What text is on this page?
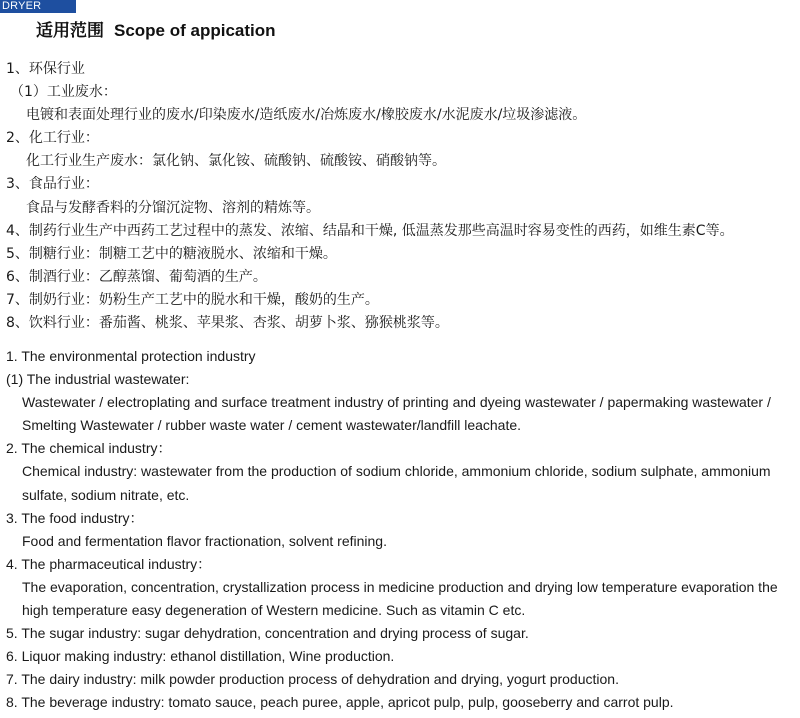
DRYER
适用范围 Scope of appication
1、环保行业
（1）工业废水：
电镀和表面处理行业的废水/印染废水/造纸废水/冶炼废水/橡胶废水/水泥废水/垃圾渗滤液。
2、化工行业：
化工行业生产废水：氯化钠、氯化铵、硫酸钠、硫酸铵、硝酸钠等。
3、食品行业：
食品与发酵香料的分馏沉淀物、溶剂的精炼等。
4、制药行业生产中西药工艺过程中的蒸发、浓缩、结晶和干燥, 低温蒸发那些高温时容易变性的西药，如维生素C等。
5、制糖行业：制糖工艺中的糖液脱水、浓缩和干燥。
6、制酒行业：乙醇蒸馏、葡萄酒的生产。
7、制奶行业：奶粉生产工艺中的脱水和干燥，酸奶的生产。
8、饮料行业：番茄酱、桃浆、苹果浆、杏浆、胡萝卜浆、猕猴桃浆等。
1. The environmental protection industry
(1) The industrial wastewater:
Wastewater / electroplating and surface treatment industry of printing and dyeing wastewater / papermaking wastewater /
Smelting Wastewater / rubber waste water / cement wastewater/landfill leachate.
2. The chemical industry：
Chemical industry: wastewater from the production of sodium chloride, ammonium chloride, sodium sulphate, ammonium
sulfate, sodium nitrate, etc.
3. The food industry：
Food and fermentation flavor fractionation, solvent refining.
4. The pharmaceutical industry：
The evaporation, concentration, crystallization process in medicine production and drying low temperature evaporation the
high temperature easy degeneration of Western medicine. Such as vitamin C etc.
5. The sugar industry: sugar dehydration, concentration and drying process of sugar.
6. Liquor making industry: ethanol distillation, Wine production.
7. The dairy industry: milk powder production process of dehydration and drying, yogurt production.
8. The beverage industry: tomato sauce, peach puree, apple, apricot pulp, pulp, gooseberry and carrot pulp.
